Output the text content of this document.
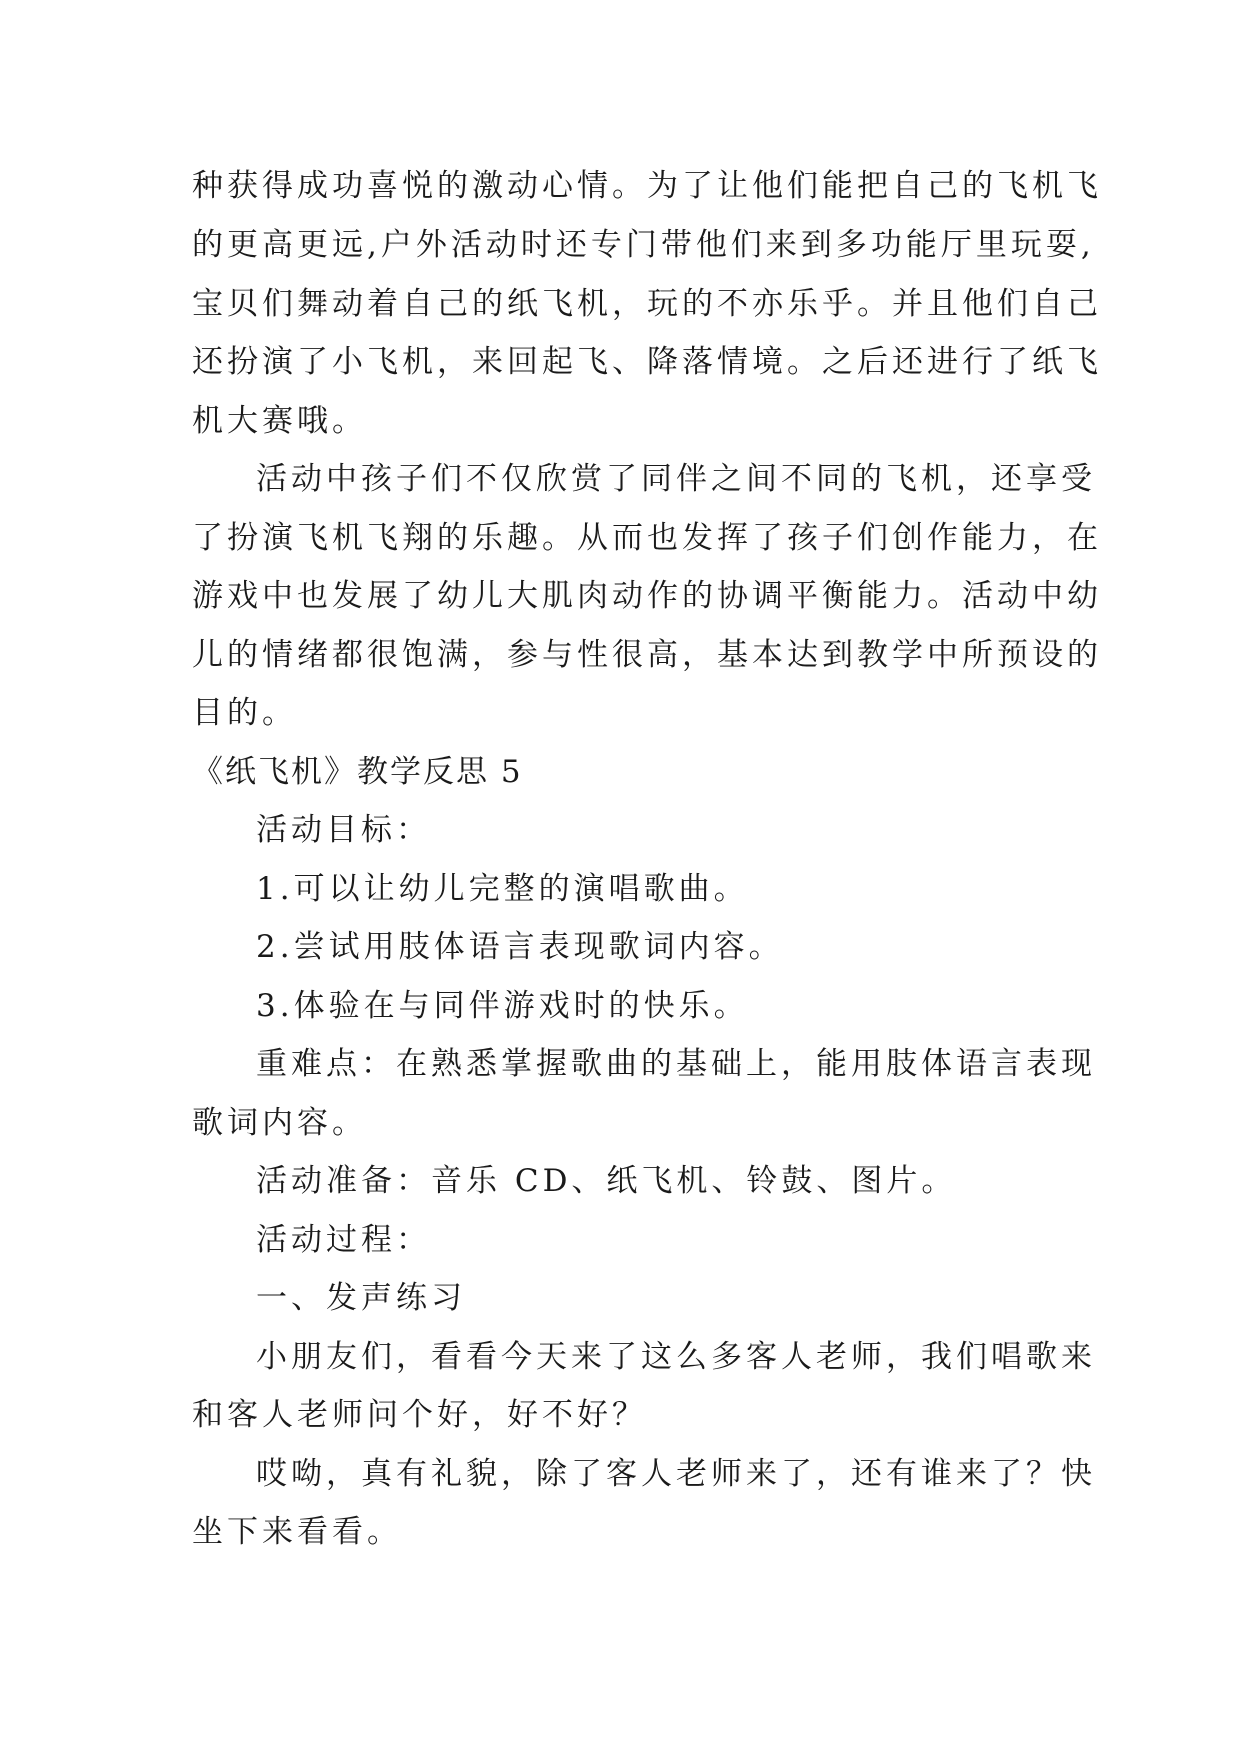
种获得成功喜悦的激动心情。为了让他们能把自己的飞机飞
的更高更远,户外活动时还专门带他们来到多功能厅里玩耍,
宝贝们舞动着自己的纸飞机，玩的不亦乐乎。并且他们自己
还扮演了小飞机，来回起飞、降落情境。之后还进行了纸飞
机大赛哦。
活动中孩子们不仅欣赏了同伴之间不同的飞机，还享受
了扮演飞机飞翔的乐趣。从而也发挥了孩子们创作能力，在
游戏中也发展了幼儿大肌肉动作的协调平衡能力。活动中幼
儿的情绪都很饱满，参与性很高，基本达到教学中所预设的
目的。
《纸飞机》教学反思 5
活动目标：
1.可以让幼儿完整的演唱歌曲。
2.尝试用肢体语言表现歌词内容。
3.体验在与同伴游戏时的快乐。
重难点：在熟悉掌握歌曲的基础上，能用肢体语言表现
歌词内容。
活动准备：音乐 CD、纸飞机、铃鼓、图片。
活动过程：
一、发声练习
小朋友们，看看今天来了这么多客人老师，我们唱歌来
和客人老师问个好，好不好？
哎呦，真有礼貌，除了客人老师来了，还有谁来了？快
坐下来看看。
